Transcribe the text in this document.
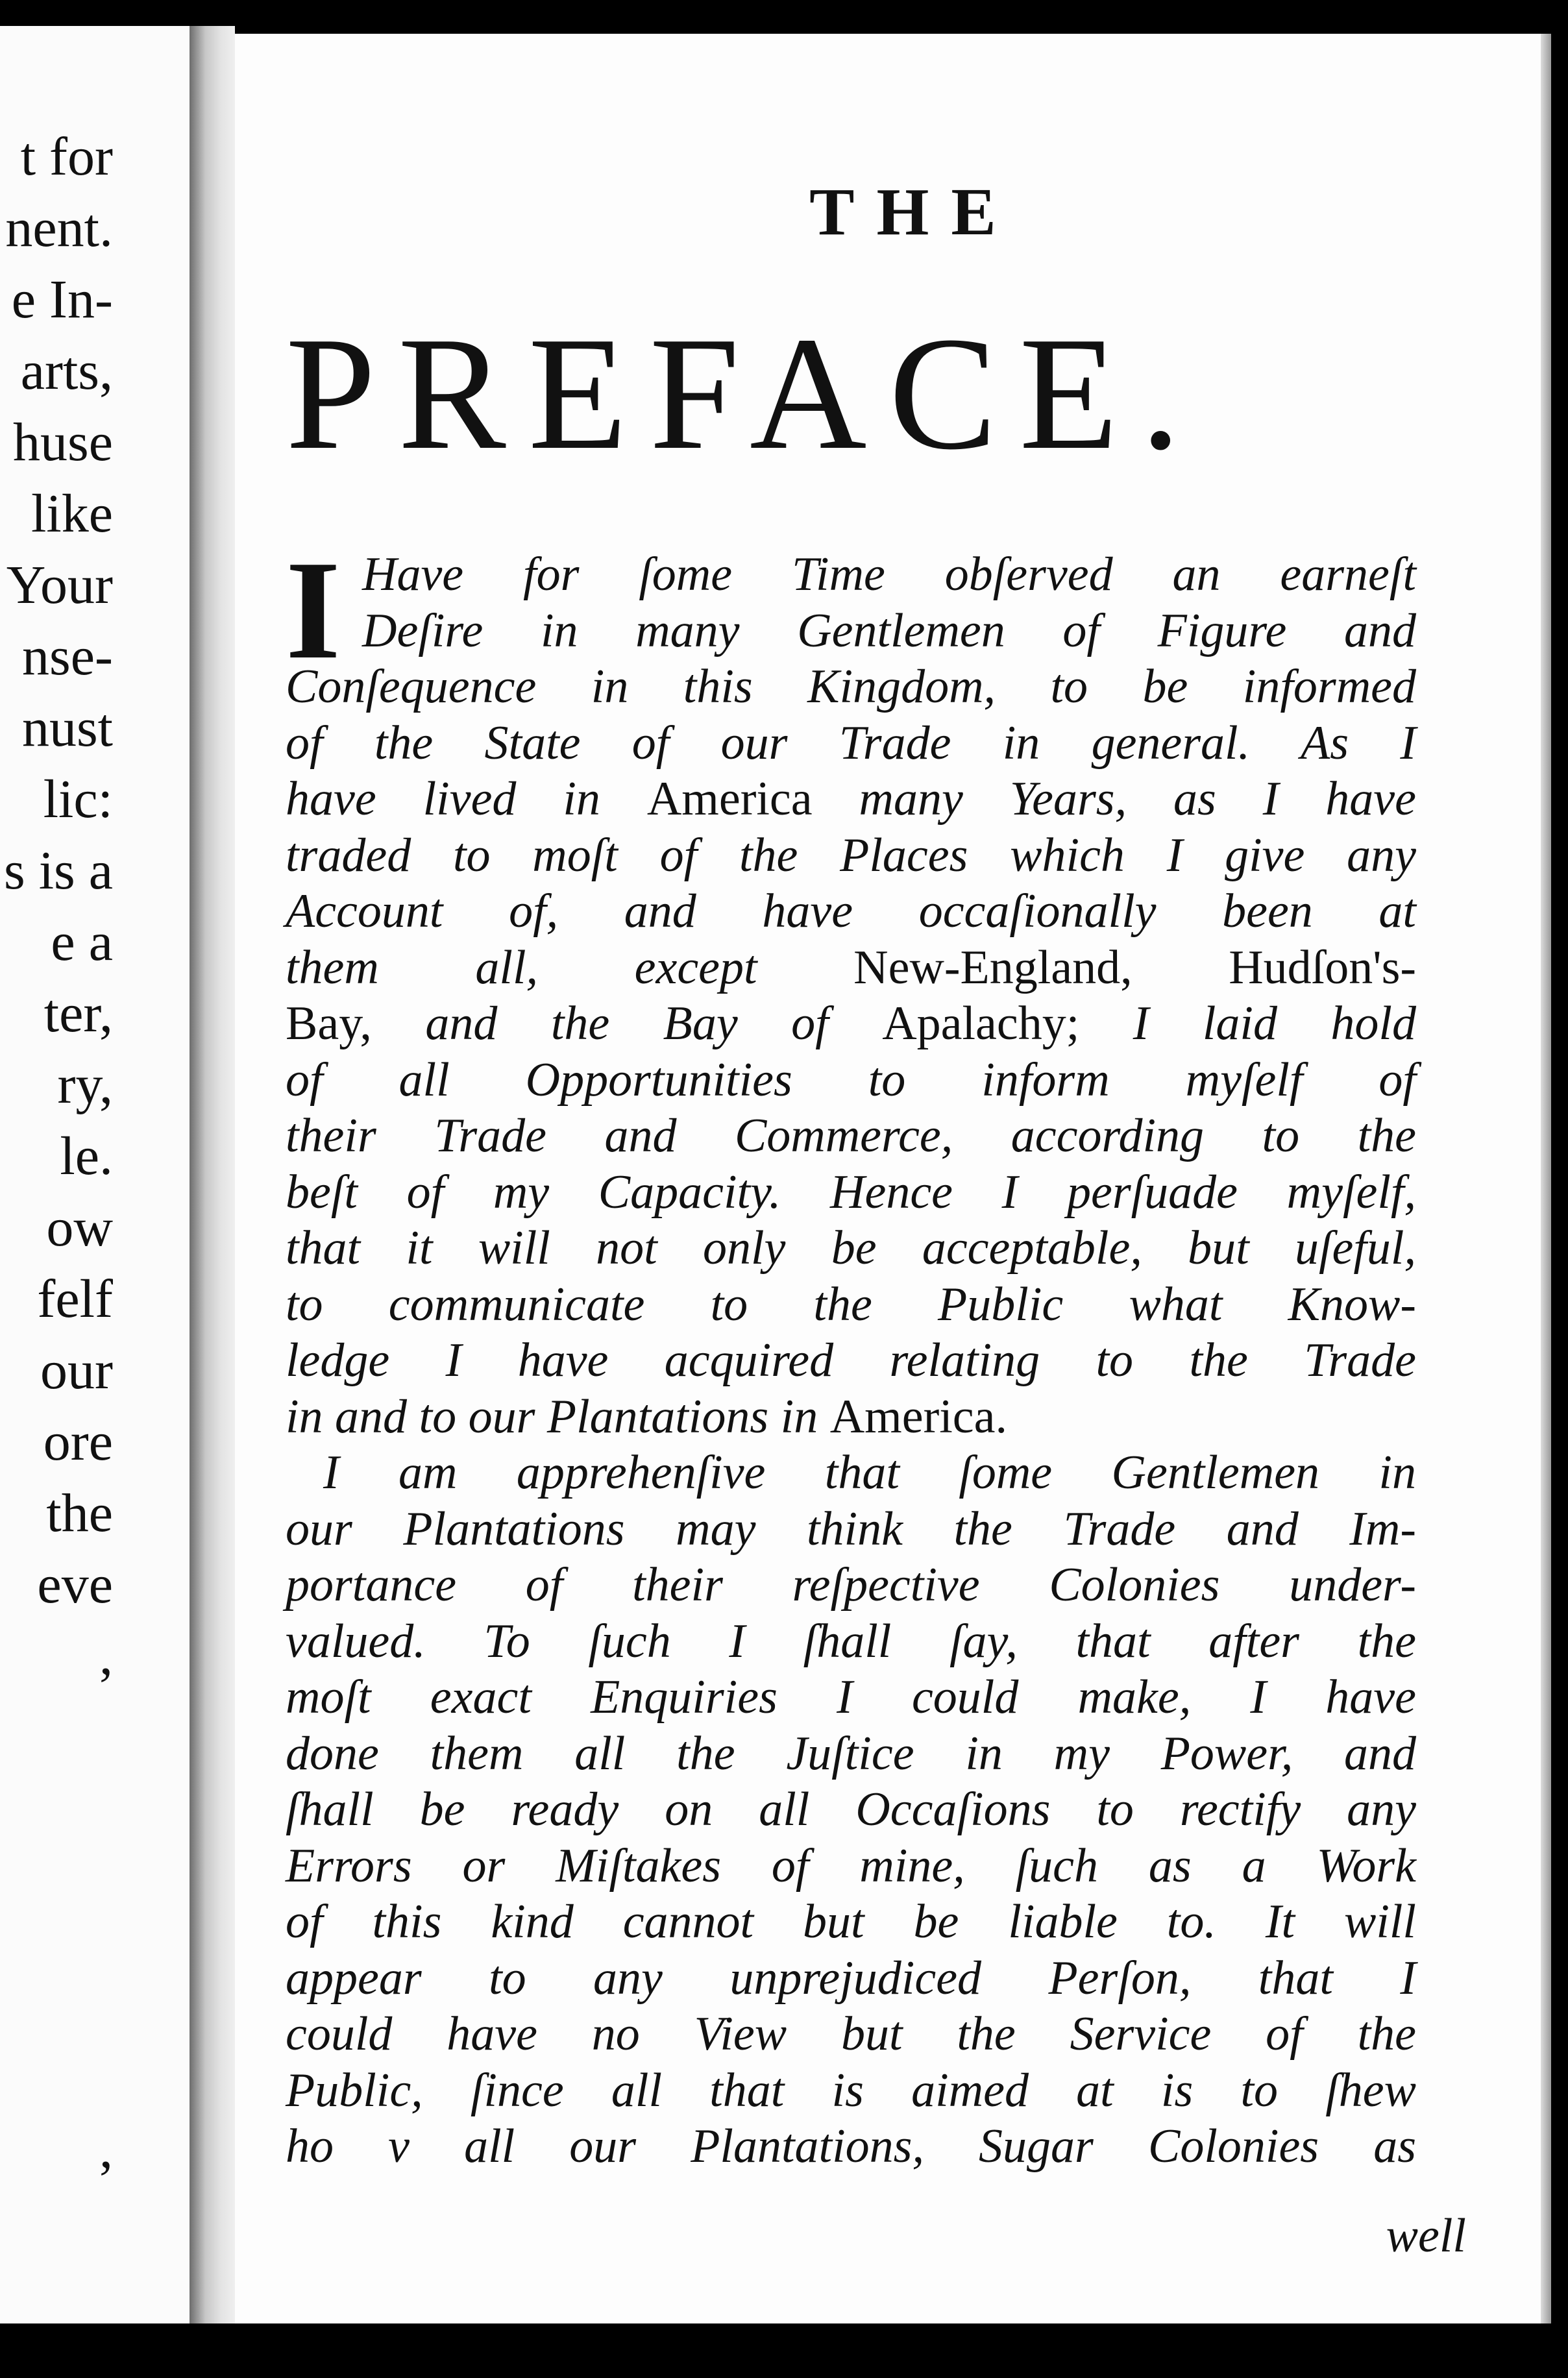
t for
nent.
e In-
arts,
huse
like
Your
nse-
nust
lic:
s is a
e a
ter,
ry,
le.
ow
felf
our
ore
the
eve
,
,
THE
PREFACE.
I Have for ſome Time obſerved an earneſt
Deſire in many Gentlemen of Figure and
Conſequence in this Kingdom, to be informed
of the State of our Trade in general. As I
have lived in America many Years, as I have
traded to moſt of the Places which I give any
Account of, and have occaſionally been at
them all, except New-England, Hudſon's-
Bay, and the Bay of Apalachy; I laid hold
of all Opportunities to inform myſelf of
their Trade and Commerce, according to the
beſt of my Capacity. Hence I perſuade myſelf,
that it will not only be acceptable, but uſeful,
to communicate to the Public what Know-
ledge I have acquired relating to the Trade
in and to our Plantations in America.
I am apprehenſive that ſome Gentlemen in
our Plantations may think the Trade and Im-
portance of their reſpective Colonies under-
valued. To ſuch I ſhall ſay, that after the
moſt exact Enquiries I could make, I have
done them all the Juſtice in my Power, and
ſhall be ready on all Occaſions to rectify any
Errors or Miſtakes of mine, ſuch as a Work
of this kind cannot but be liable to. It will
appear to any unprejudiced Perſon, that I
could have no View but the Service of the
Public, ſince all that is aimed at is to ſhew
ho v all our Plantations, Sugar Colonies as
well
